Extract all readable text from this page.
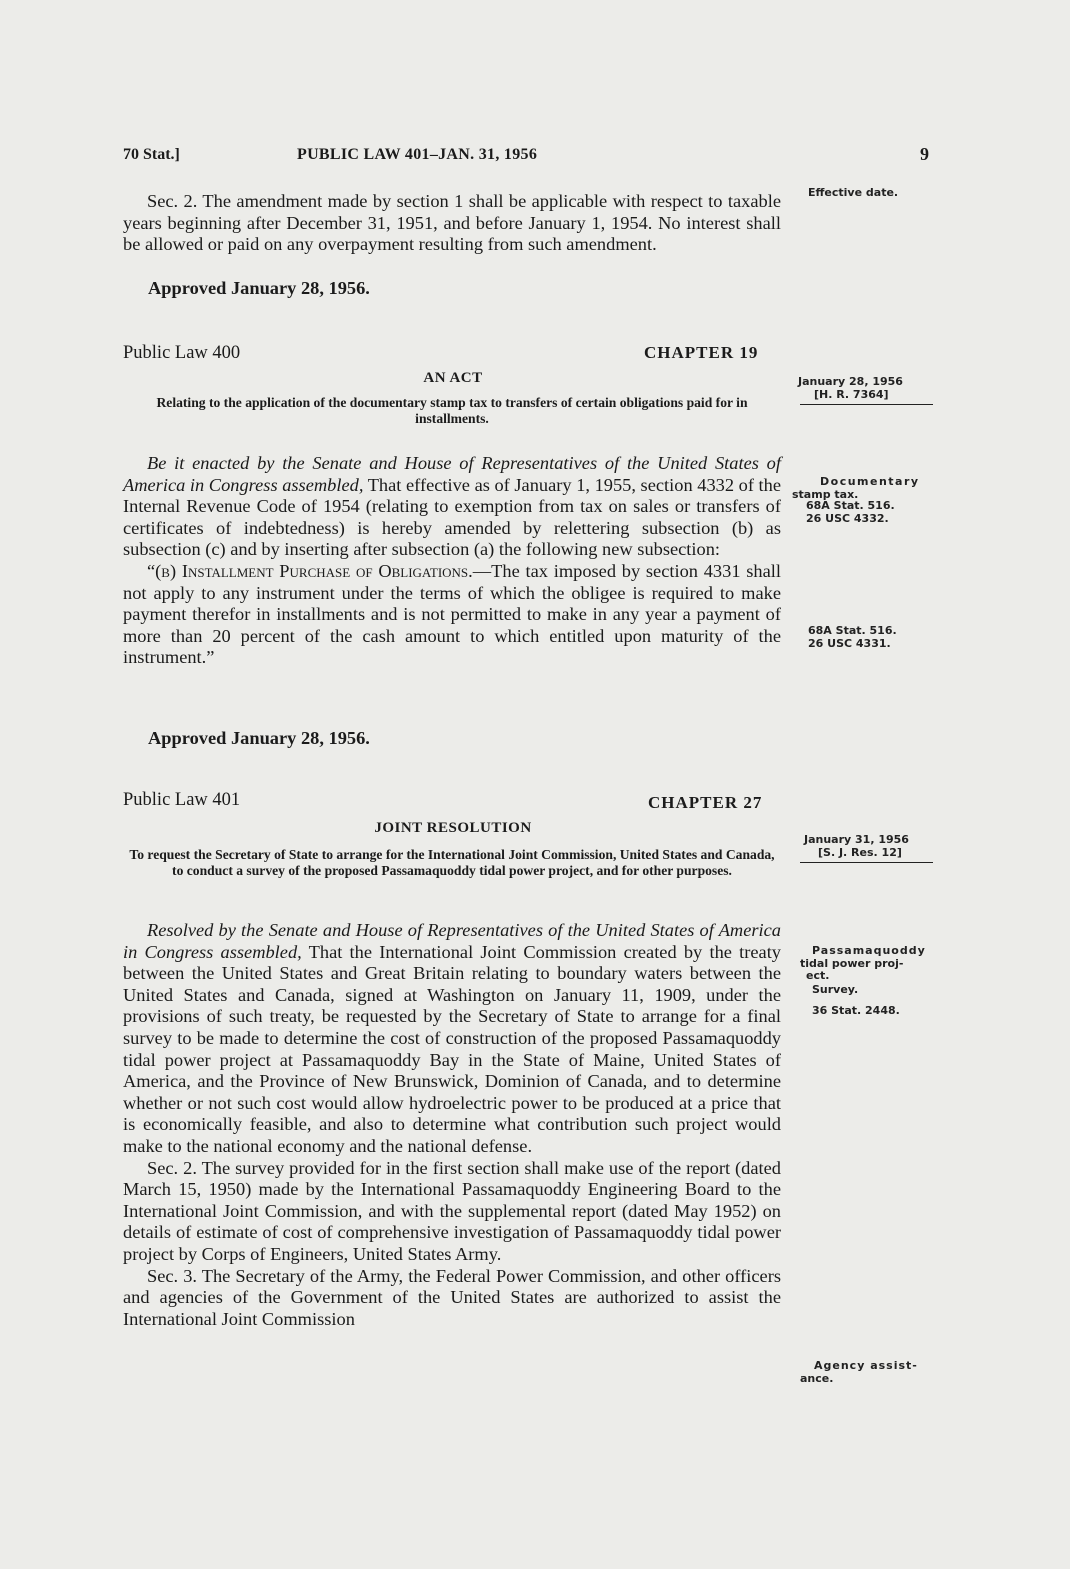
70 Stat.]	PUBLIC LAW 401–JAN. 31, 1956	9

Sec. 2. The amendment made by section 1 shall be applicable with respect to taxable years beginning after December 31, 1951, and before January 1, 1954. No interest shall be allowed or paid on any overpayment resulting from such amendment.

Approved January 28, 1956.
Public Law 400	CHAPTER 19
AN ACT
Relating to the application of the documentary stamp tax to transfers of certain obligations paid for in installments.

Be it enacted by the Senate and House of Representatives of the United States of America in Congress assembled, That effective as of January 1, 1955, section 4332 of the Internal Revenue Code of 1954 (relating to exemption from tax on sales or transfers of certificates of indebtedness) is hereby amended by relettering subsection (b) as subsection (c) and by inserting after subsection (a) the following new subsection:

“(b) Installment Purchase of Obligations.—The tax imposed by section 4331 shall not apply to any instrument under the terms of which the obligee is required to make payment therefor in installments and is not permitted to make in any year a payment of more than 20 percent of the cash amount to which entitled upon maturity of the instrument.”

Approved January 28, 1956.
Public Law 401	CHAPTER 27
JOINT RESOLUTION
To request the Secretary of State to arrange for the International Joint Commission, United States and Canada, to conduct a survey of the proposed Passamaquoddy tidal power project, and for other purposes.

Resolved by the Senate and House of Representatives of the United States of America in Congress assembled, That the International Joint Commission created by the treaty between the United States and Great Britain relating to boundary waters between the United States and Canada, signed at Washington on January 11, 1909, under the provisions of such treaty, be requested by the Secretary of State to arrange for a final survey to be made to determine the cost of construction of the proposed Passamaquoddy tidal power project at Passamaquoddy Bay in the State of Maine, United States of America, and the Province of New Brunswick, Dominion of Canada, and to determine whether or not such cost would allow hydroelectric power to be produced at a price that is economically feasible, and also to determine what contribution such project would make to the national economy and the national defense.

Sec. 2. The survey provided for in the first section shall make use of the report (dated March 15, 1950) made by the International Passamaquoddy Engineering Board to the International Joint Commission, and with the supplemental report (dated May 1952) on details of estimate of cost of comprehensive investigation of Passamaquoddy tidal power project by Corps of Engineers, United States Army.

Sec. 3. The Secretary of the Army, the Federal Power Commission, and other officers and agencies of the Government of the United States are authorized to assist the International Joint Commission

Effective date.
January 28, 1956
[H. R. 7364]
Documentary
stamp tax.
68A Stat. 516.
26 USC 4332.
68A Stat. 516.
26 USC 4331.
January 31, 1956
[S. J. Res. 12]
Passamaquoddy
tidal power proj-
ect.
Survey.
36 Stat. 2448.
Agency assist-
ance.
